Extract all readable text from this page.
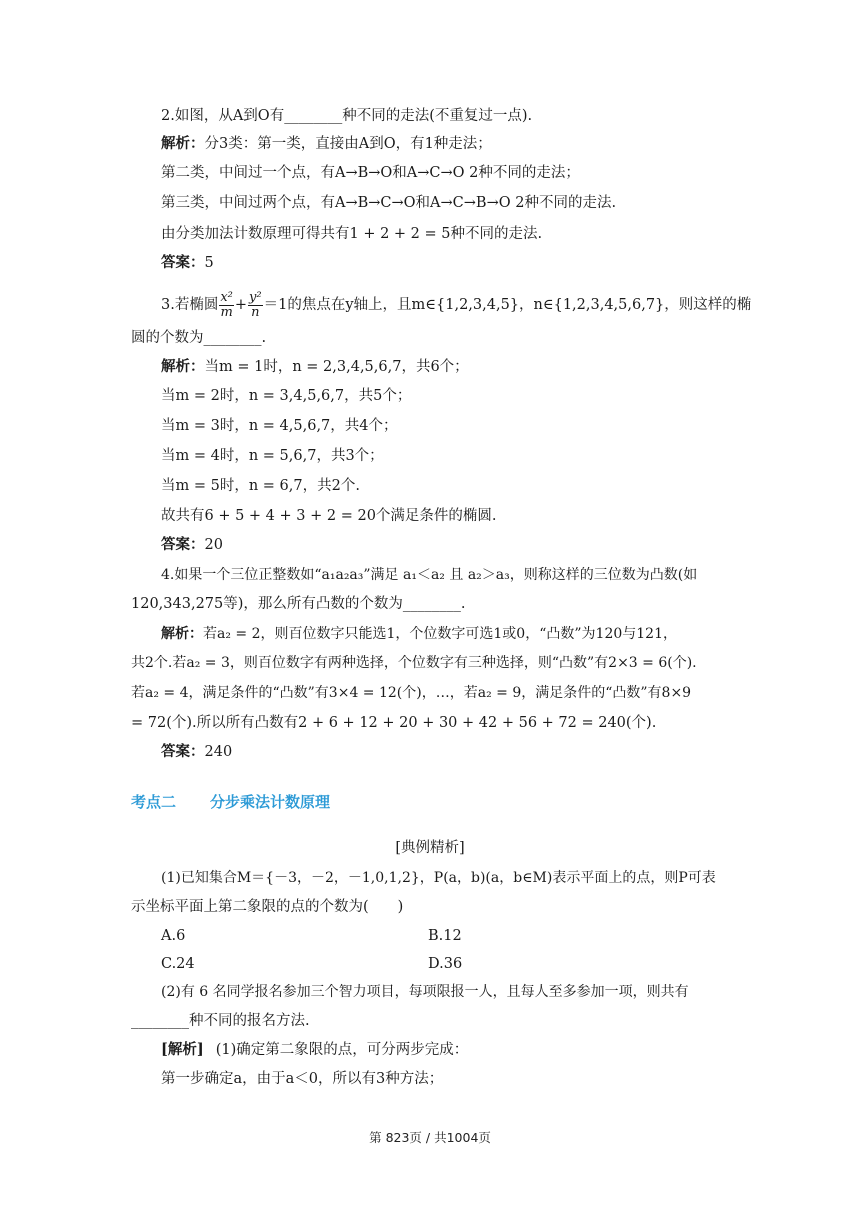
2.如图，从A到O有________种不同的走法(不重复过一点).
解析：分3类：第一类，直接由A到O，有1种走法；
第二类，中间过一个点，有A→B→O和A→C→O 2种不同的走法；
第三类，中间过两个点，有A→B→C→O和A→C→B→O 2种不同的走法.
由分类加法计数原理可得共有1 + 2 + 2 = 5种不同的走法.
答案：5
3.若椭圆 $\frac{\text{x²}}{m} + \frac{\text{y²}}{n} =1$的焦点在y轴上，且m∈{1,2,3,4,5}，n∈{1,2,3,4,5,6,7}，则这样的椭
圆的个数为________.
解析：当m = 1时，n = 2,3,4,5,6,7，共6个；
当m = 2时，n = 3,4,5,6,7，共5个；
当m = 3时，n = 4,5,6,7，共4个；
当m = 4时，n = 5,6,7，共3个；
当m = 5时，n = 6,7，共2个.
故共有6 + 5 + 4 + 3 + 2 = 20个满足条件的椭圆.
答案：20
4.如果一个三位正整数如“a₁a₂a₃”满足 a₁＜a₂ 且 a₂＞a₃，则称这样的三位数为凸数(如
120,343,275等)，那么所有凸数的个数为________.
解析：若a₂ = 2，则百位数字只能选1，个位数字可选1或0，“凸数”为120与121，
共2个.若a₂ = 3，则百位数字有两种选择，个位数字有三种选择，则“凸数”有2×3 = 6(个).
若a₂ = 4，满足条件的“凸数”有3×4 = 12(个)，…，若a₂ = 9，满足条件的“凸数”有8×9
= 72(个).所以所有凸数有2 + 6 + 12 + 20 + 30 + 42 + 56 + 72 = 240(个).
答案：240
考点二 分步乘法计数原理
[典例精析]
(1)已知集合M＝{－3，－2，－1,0,1,2}，P(a，b)(a，b∈M)表示平面上的点，则P可表
示坐标平面上第二象限的点的个数为(　　)
A.6	B.12
C.24	D.36
(2)有 6 名同学报名参加三个智力项目，每项限报一人，且每人至多参加一项，则共有
________种不同的报名方法.
[解析] (1)确定第二象限的点，可分两步完成：
第一步确定a，由于a＜0，所以有3种方法；
第 823页 / 共1004页
